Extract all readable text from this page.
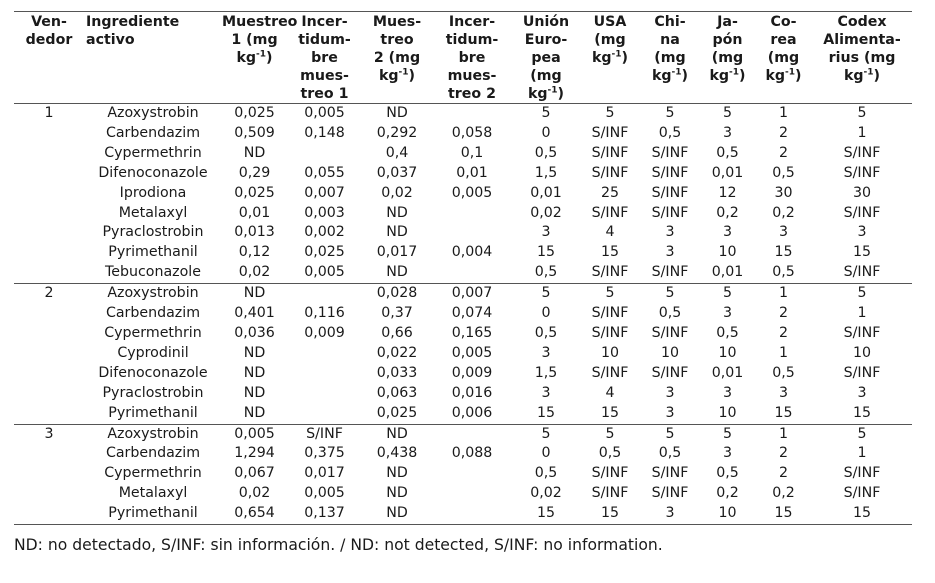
Ven-
dedor	Ingrediente
activo	Muestreo
1 (mg
$kg^{-1}$)	Incer-
tidum-
bre
mues-
treo 1	Mues-
treo
2 (mg
$kg^{-1}$)	Incer-
tidum-
bre
mues-
treo 2	Unión
Euro-
pea
(mg
$kg^{-1}$)	USA
(mg
$kg^{-1}$)	Chi-
na
(mg
$kg^{-1}$)	Ja-
pón
(mg
$kg^{-1}$)	Co-
rea
(mg
$kg^{-1}$)	Codex
Alimenta-
rius (mg
$kg^{-1}$)
1	Azoxystrobin	0,025	0,005	ND		5	5	5	5	1	5
	Carbendazim	0,509	0,148	0,292	0,058	0	S/INF	0,5	3	2	1
	Cypermethrin	ND		0,4	0,1	0,5	S/INF	S/INF	0,5	2	S/INF
	Difenoconazole	0,29	0,055	0,037	0,01	1,5	S/INF	S/INF	0,01	0,5	S/INF
	Iprodiona	0,025	0,007	0,02	0,005	0,01	25	S/INF	12	30	30
	Metalaxyl	0,01	0,003	ND		0,02	S/INF	S/INF	0,2	0,2	S/INF
	Pyraclostrobin	0,013	0,002	ND		3	4	3	3	3	3
	Pyrimethanil	0,12	0,025	0,017	0,004	15	15	3	10	15	15
	Tebuconazole	0,02	0,005	ND		0,5	S/INF	S/INF	0,01	0,5	S/INF
2	Azoxystrobin	ND		0,028	0,007	5	5	5	5	1	5
	Carbendazim	0,401	0,116	0,37	0,074	0	S/INF	0,5	3	2	1
	Cypermethrin	0,036	0,009	0,66	0,165	0,5	S/INF	S/INF	0,5	2	S/INF
	Cyprodinil	ND		0,022	0,005	3	10	10	10	1	10
	Difenoconazole	ND		0,033	0,009	1,5	S/INF	S/INF	0,01	0,5	S/INF
	Pyraclostrobin	ND		0,063	0,016	3	4	3	3	3	3
	Pyrimethanil	ND		0,025	0,006	15	15	3	10	15	15
3	Azoxystrobin	0,005	S/INF	ND		5	5	5	5	1	5
	Carbendazim	1,294	0,375	0,438	0,088	0	0,5	0,5	3	2	1
	Cypermethrin	0,067	0,017	ND		0,5	S/INF	S/INF	0,5	2	S/INF
	Metalaxyl	0,02	0,005	ND		0,02	S/INF	S/INF	0,2	0,2	S/INF
	Pyrimethanil	0,654	0,137	ND		15	15	3	10	15	15
ND: no detectado, S/INF: sin información. / ND: not detected, S/INF: no information.
